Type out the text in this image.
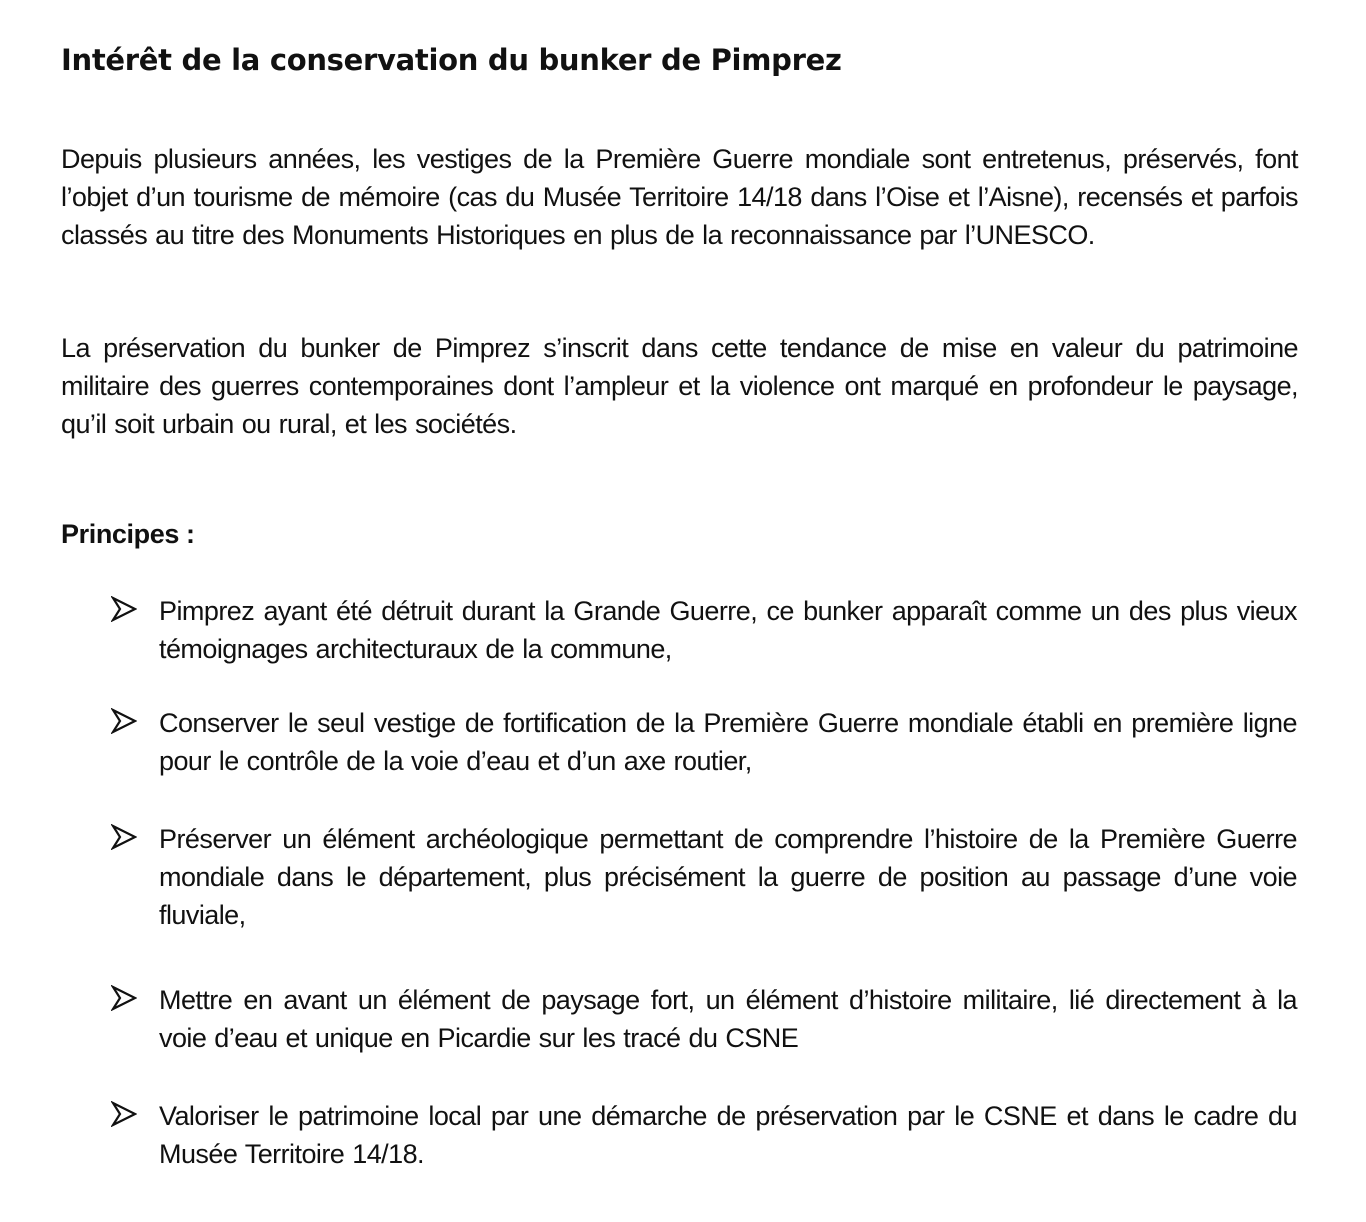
Intérêt de la conservation du bunker de Pimprez

Depuis plusieurs années, les vestiges de la Première Guerre mondiale sont entretenus, préservés, font l’objet d’un tourisme de mémoire (cas du Musée Territoire 14/18 dans l’Oise et l’Aisne), recensés et parfois classés au titre des Monuments Historiques en plus de la reconnaissance par l’UNESCO.

La préservation du bunker de Pimprez s’inscrit dans cette tendance de mise en valeur du patrimoine militaire des guerres contemporaines dont l’ampleur et la violence ont marqué en profondeur le paysage, qu’il soit urbain ou rural, et les sociétés.

Principes :

Pimprez ayant été détruit durant la Grande Guerre, ce bunker apparaît comme un des plus vieux témoignages architecturaux de la commune,

Conserver le seul vestige de fortification de la Première Guerre mondiale établi en première ligne pour le contrôle de la voie d’eau et d’un axe routier,

Préserver un élément archéologique permettant de comprendre l’histoire de la Première Guerre mondiale dans le département, plus précisément la guerre de position au passage d’une voie fluviale,

Mettre en avant un élément de paysage fort, un élément d’histoire militaire, lié directement à la voie d’eau et unique en Picardie sur les tracé du CSNE

Valoriser le patrimoine local par une démarche de préservation par le CSNE et dans le cadre du Musée Territoire 14/18.
